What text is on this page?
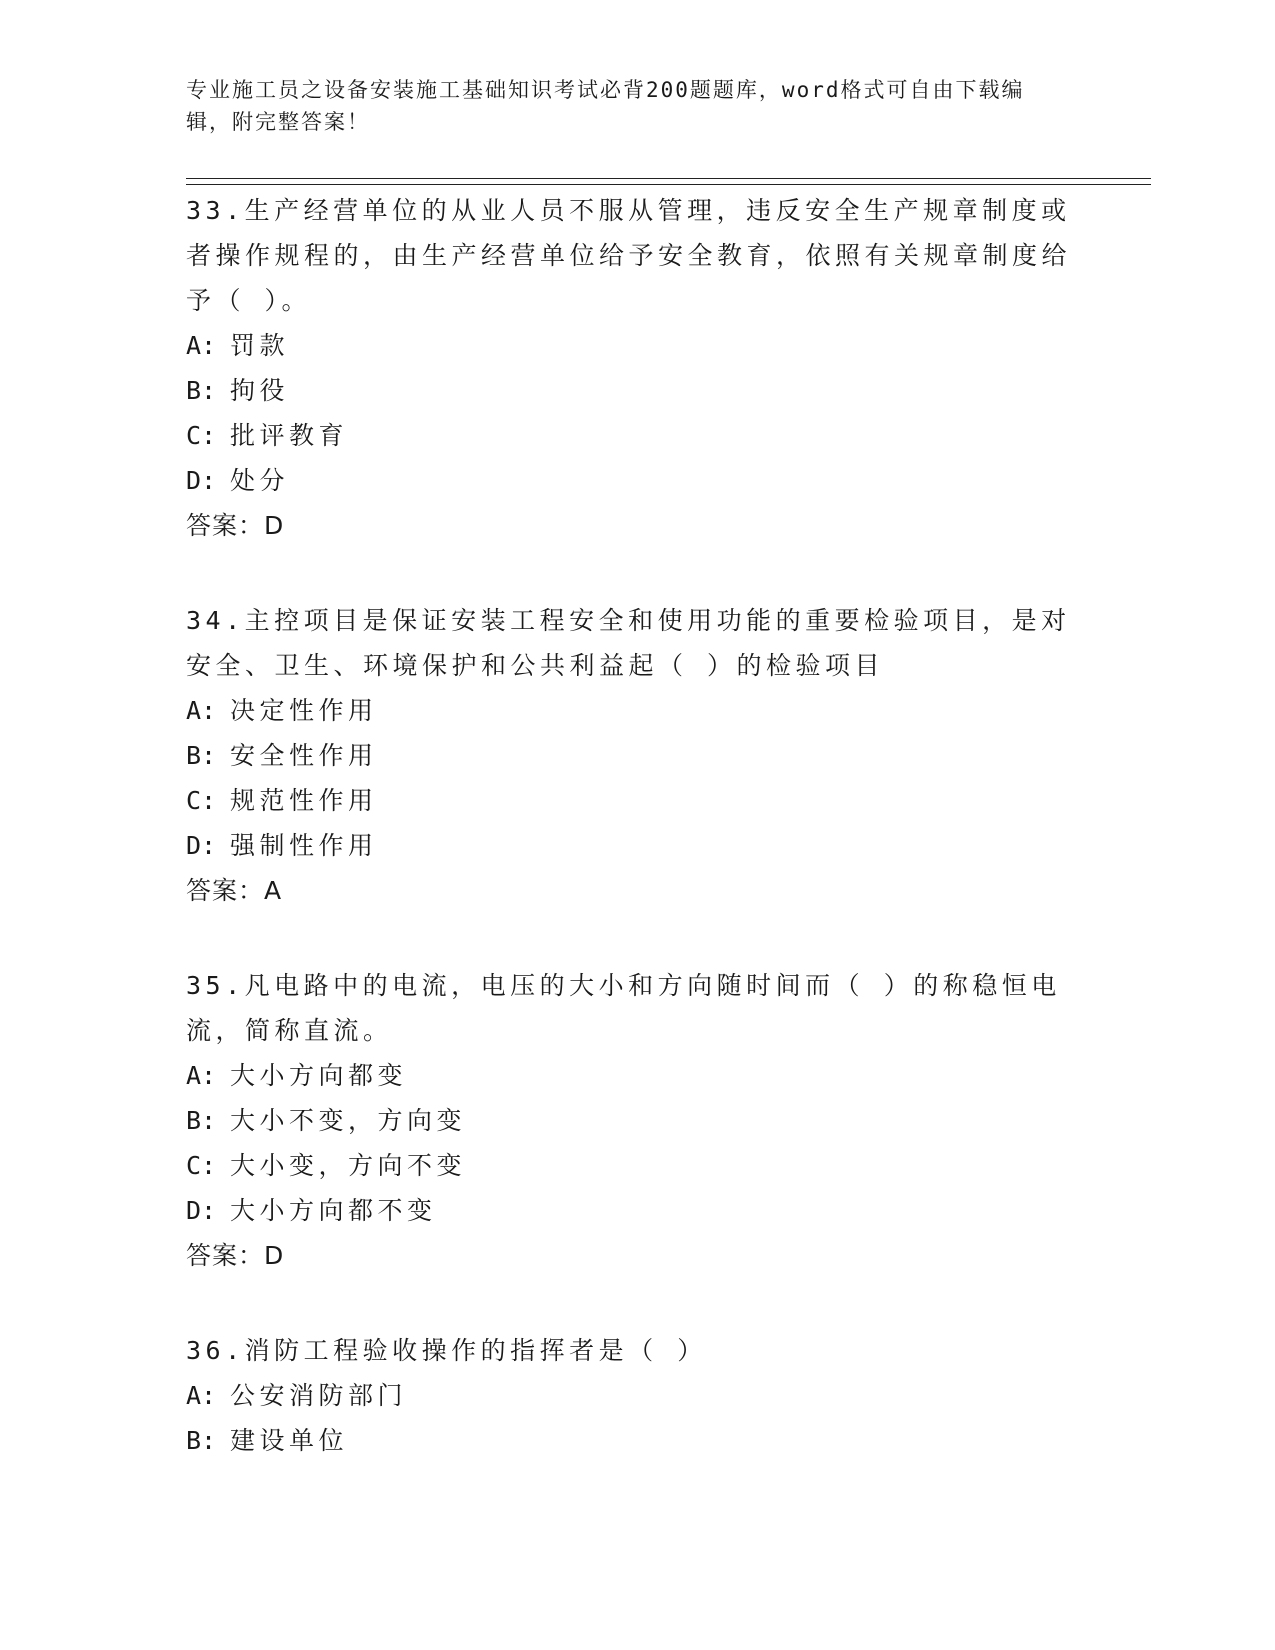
专业施工员之设备安装施工基础知识考试必背200题题库，word格式可自由下载编辑，附完整答案！

33.生产经营单位的从业人员不服从管理，违反安全生产规章制度或者操作规程的，由生产经营单位给予安全教育，依照有关规章制度给予（ ）。

A: 罚款

B: 拘役

C: 批评教育

D: 处分

答案：D

34.主控项目是保证安装工程安全和使用功能的重要检验项目，是对安全、卫生、环境保护和公共利益起（ ）的检验项目

A: 决定性作用

B: 安全性作用

C: 规范性作用

D: 强制性作用

答案：A

35.凡电路中的电流，电压的大小和方向随时间而（ ）的称稳恒电流，简称直流。

A: 大小方向都变

B: 大小不变，方向变

C: 大小变，方向不变

D: 大小方向都不变

答案：D

36.消防工程验收操作的指挥者是（ ）

A: 公安消防部门

B: 建设单位
